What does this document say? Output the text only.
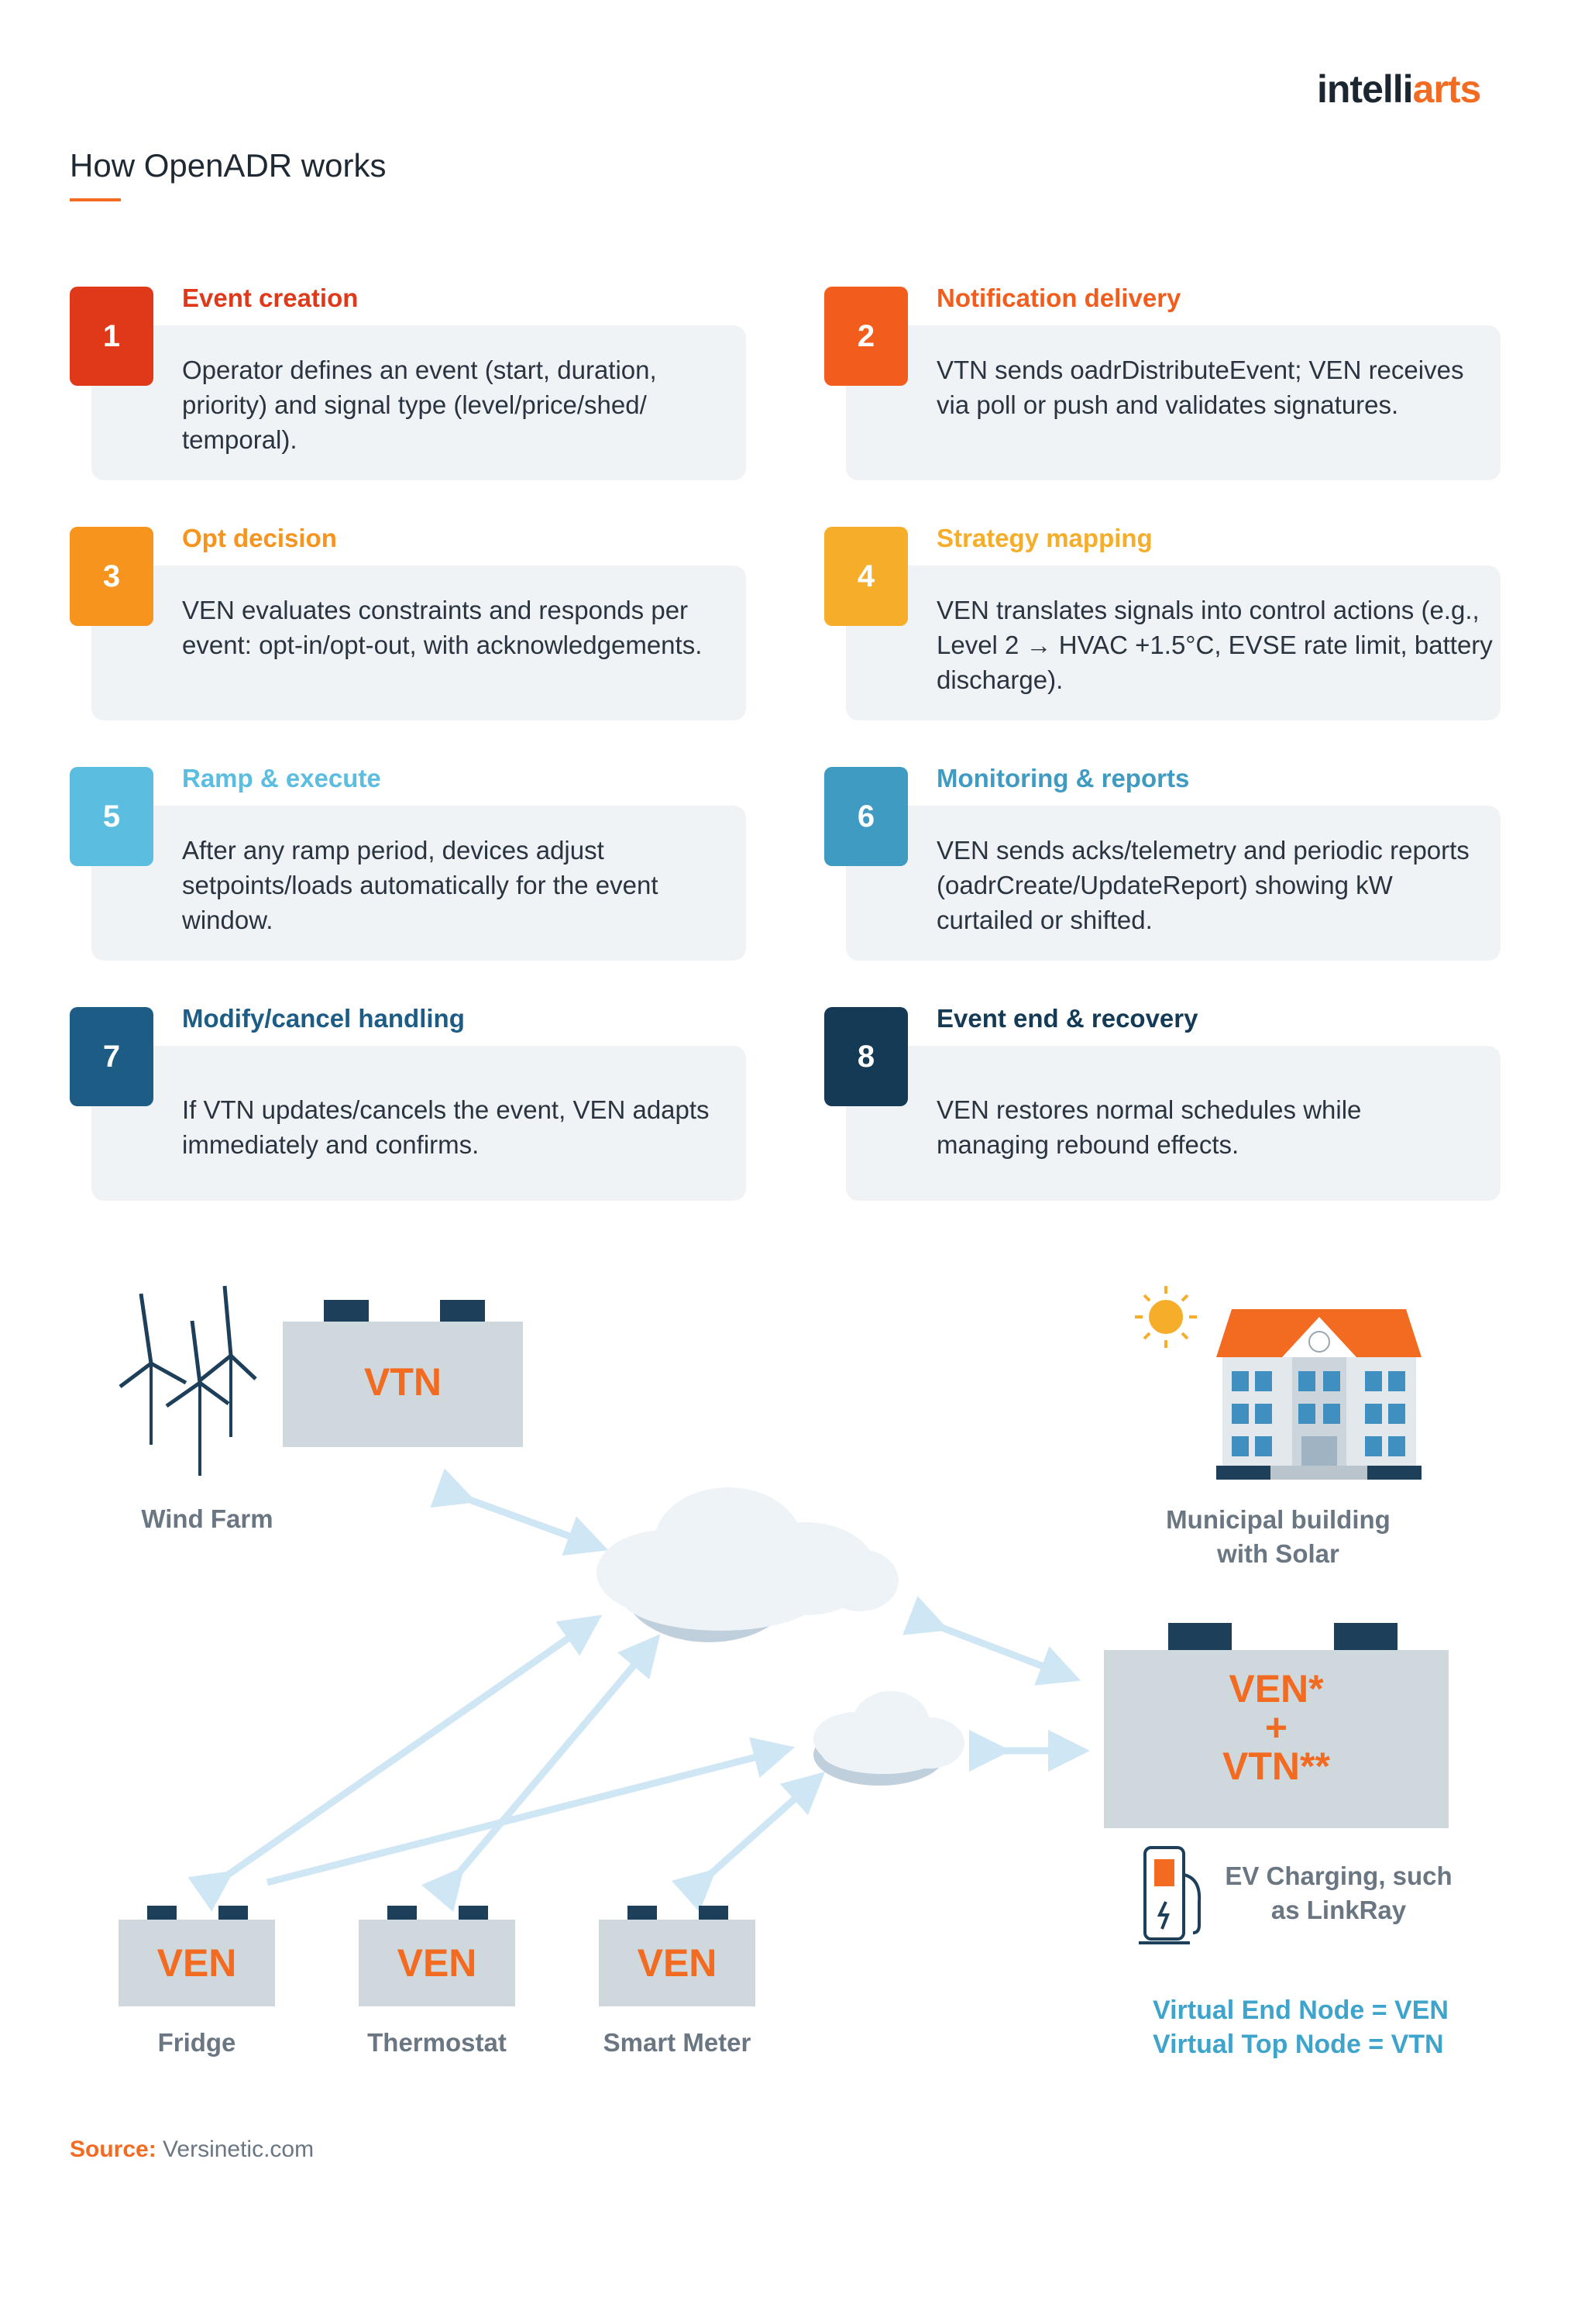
intelliarts
How OpenADR works
1
Event creation
Operator defines an event (start, duration, priority) and signal type (level/price/shed/ temporal).
2
Notification delivery
VTN sends oadrDistributeEvent; VEN receives via poll or push and validates signatures.
3
Opt decision
VEN evaluates constraints and responds per event: opt-in/opt-out, with acknowledgements.
4
Strategy mapping
VEN translates signals into control actions (e.g., Level 2 → HVAC +1.5°C, EVSE rate limit, battery discharge).
5
Ramp & execute
After any ramp period, devices adjust setpoints/loads automatically for the event window.
6
Monitoring & reports
VEN sends acks/telemetry and periodic reports (oadrCreate/UpdateReport) showing kW curtailed or shifted.
7
Modify/cancel handling
If VTN updates/cancels the event, VEN adapts immediately and confirms.
8
Event end & recovery
VEN restores normal schedules while managing rebound effects.
VTN
Wind Farm	Municipal building with Solar
VEN*
+
VTN**
EV Charging, such as LinkRay
VEN	VEN	VEN
Fridge	Thermostat	Smart Meter
Virtual End Node = VEN
Virtual Top Node = VTN
Source: Versinetic.com
